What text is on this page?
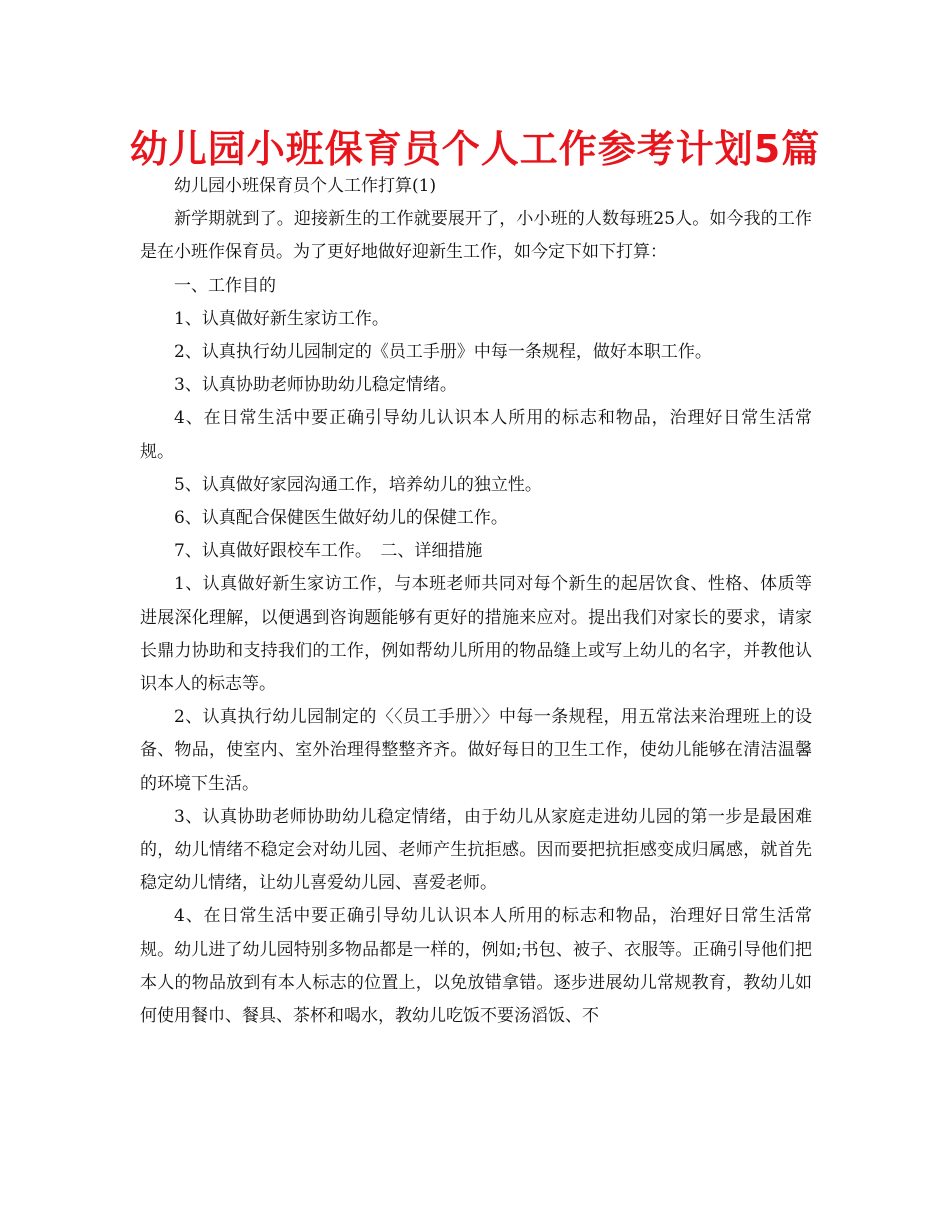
幼儿园小班保育员个人工作参考计划5篇

幼儿园小班保育员个人工作打算(1)

新学期就到了。迎接新生的工作就要展开了，小小班的人数每班25人。如今我的工作是在小班作保育员。为了更好地做好迎新生工作，如今定下如下打算：

一、工作目的

1、认真做好新生家访工作。

2、认真执行幼儿园制定的《员工手册》中每一条规程，做好本职工作。

3、认真协助老师协助幼儿稳定情绪。

4、在日常生活中要正确引导幼儿认识本人所用的标志和物品，治理好日常生活常规。

5、认真做好家园沟通工作，培养幼儿的独立性。

6、认真配合保健医生做好幼儿的保健工作。

7、认真做好跟校车工作。　二、详细措施

1、认真做好新生家访工作，与本班老师共同对每个新生的起居饮食、性格、体质等进展深化理解，以便遇到咨询题能够有更好的措施来应对。提出我们对家长的要求，请家长鼎力协助和支持我们的工作，例如帮幼儿所用的物品缝上或写上幼儿的名字，并教他认识本人的标志等。

2、认真执行幼儿园制定的〈〈员工手册〉〉中每一条规程，用五常法来治理班上的设备、物品，使室内、室外治理得整整齐齐。做好每日的卫生工作，使幼儿能够在清洁温馨的环境下生活。

3、认真协助老师协助幼儿稳定情绪，由于幼儿从家庭走进幼儿园的第一步是最困难的，幼儿情绪不稳定会对幼儿园、老师产生抗拒感。因而要把抗拒感变成归属感，就首先稳定幼儿情绪，让幼儿喜爱幼儿园、喜爱老师。

4、在日常生活中要正确引导幼儿认识本人所用的标志和物品，治理好日常生活常规。幼儿进了幼儿园特别多物品都是一样的，例如;书包、被子、衣服等。正确引导他们把本人的物品放到有本人标志的位置上，以免放错拿错。逐步进展幼儿常规教育，教幼儿如何使用餐巾、餐具、茶杯和喝水，教幼儿吃饭不要汤滔饭、不
